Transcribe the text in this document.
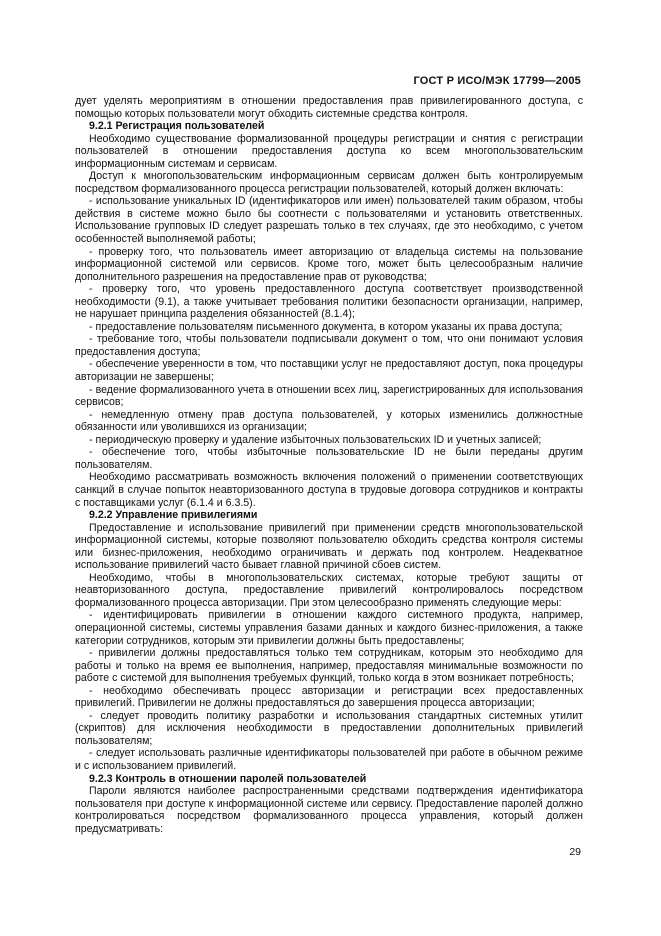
ГОСТ Р ИСО/МЭК 17799—2005

дует уделять мероприятиям в отношении предоставления прав привилегированного доступа, с помощью которых пользователи могут обходить системные средства контроля.

9.2.1 Регистрация пользователей

Необходимо существование формализованной процедуры регистрации и снятия с регистрации пользователей в отношении предоставления доступа ко всем многопользовательским информационным системам и сервисам.

Доступ к многопользовательским информационным сервисам должен быть контролируемым посредством формализованного процесса регистрации пользователей, который должен включать:

- использование уникальных ID (идентификаторов или имен) пользователей таким образом, чтобы действия в системе можно было бы соотнести с пользователями и установить ответственных. Использование групповых ID следует разрешать только в тех случаях, где это необходимо, с учетом особенностей выполняемой работы;

- проверку того, что пользователь имеет авторизацию от владельца системы на пользование информационной системой или сервисов. Кроме того, может быть целесообразным наличие дополнительного разрешения на предоставление прав от руководства;

- проверку того, что уровень предоставленного доступа соответствует производственной необходимости (9.1), а также учитывает требования политики безопасности организации, например, не нарушает принципа разделения обязанностей (8.1.4);

- предоставление пользователям письменного документа, в котором указаны их права доступа;

- требование того, чтобы пользователи подписывали документ о том, что они понимают условия предоставления доступа;

- обеспечение уверенности в том, что поставщики услуг не предоставляют доступ, пока процедуры авторизации не завершены;

- ведение формализованного учета в отношении всех лиц, зарегистрированных для использования сервисов;

- немедленную отмену прав доступа пользователей, у которых изменились должностные обязанности или уволившихся из организации;

- периодическую проверку и удаление избыточных пользовательских ID и учетных записей;

- обеспечение того, чтобы избыточные пользовательские ID не были переданы другим пользователям.

Необходимо рассматривать возможность включения положений о применении соответствующих санкций в случае попыток неавторизованного доступа в трудовые договора сотрудников и контракты с поставщиками услуг (6.1.4 и 6.3.5).

9.2.2 Управление привилегиями

Предоставление и использование привилегий при применении средств многопользовательской информационной системы, которые позволяют пользователю обходить средства контроля системы или бизнес-приложения, необходимо ограничивать и держать под контролем. Неадекватное использование привилегий часто бывает главной причиной сбоев систем.

Необходимо, чтобы в многопользовательских системах, которые требуют защиты от неавторизованного доступа, предоставление привилегий контролировалось посредством формализованного процесса авторизации. При этом целесообразно применять следующие меры:

- идентифицировать привилегии в отношении каждого системного продукта, например, операционной системы, системы управления базами данных и каждого бизнес-приложения, а также категории сотрудников, которым эти привилегии должны быть предоставлены;

- привилегии должны предоставляться только тем сотрудникам, которым это необходимо для работы и только на время ее выполнения, например, предоставляя минимальные возможности по работе с системой для выполнения требуемых функций, только когда в этом возникает потребность;

- необходимо обеспечивать процесс авторизации и регистрации всех предоставленных привилегий. Привилегии не должны предоставляться до завершения процесса авторизации;

- следует проводить политику разработки и использования стандартных системных утилит (скриптов) для исключения необходимости в предоставлении дополнительных привилегий пользователям;

- следует использовать различные идентификаторы пользователей при работе в обычном режиме и с использованием привилегий.

9.2.3 Контроль в отношении паролей пользователей

Пароли являются наиболее распространенными средствами подтверждения идентификатора пользователя при доступе к информационной системе или сервису. Предоставление паролей должно контролироваться посредством формализованного процесса управления, который должен предусматривать:

29
